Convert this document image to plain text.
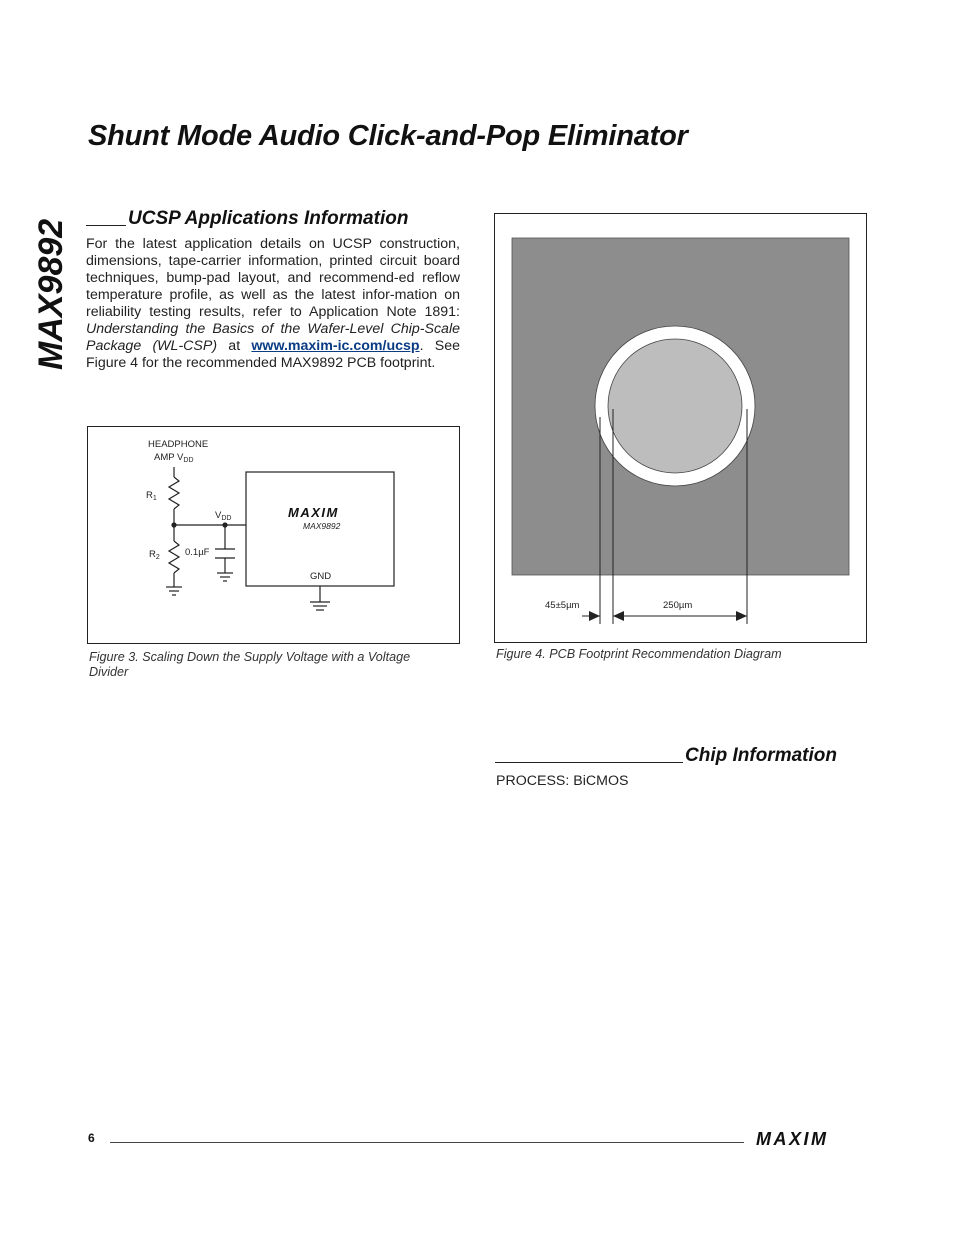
Shunt Mode Audio Click-and-Pop Eliminator
MAX9892
UCSP Applications Information
For the latest application details on UCSP construction, dimensions, tape-carrier information, printed circuit board techniques, bump-pad layout, and recommend-ed reflow temperature profile, as well as the latest infor-mation on reliability testing results, refer to Application Note 1891: Understanding the Basics of the Wafer-Level Chip-Scale Package (WL-CSP) at www.maxim-ic.com/ucsp. See Figure 4 for the recommended MAX9892 PCB footprint.
HEADPHONE
AMP $V_{DD}$
$R_1$
$R_2$
$V_{DD}$
0.1µF
GND
MAX9892
MAXIM
Figure 3. Scaling Down the Supply Voltage with a Voltage Divider
45±5µm	250µm
Figure 4. PCB Footprint Recommendation Diagram
Chip Information
PROCESS: BiCMOS
6	MAXIM
